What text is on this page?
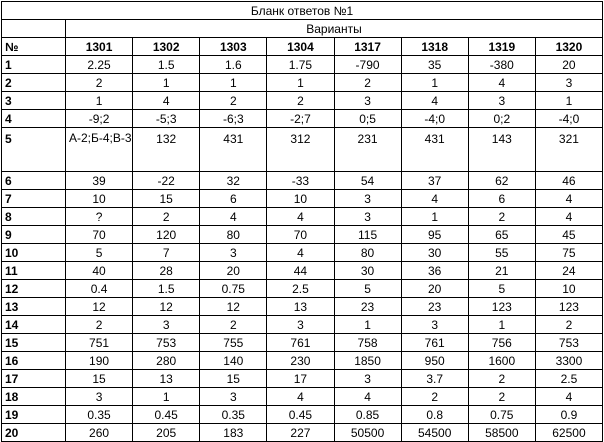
Бланк ответов №1								
	Варианты							
№	1301	1302	1303	1304	1317	1318	1319	1320
1	2.25	1.5	1.6	1.75	-790	35	-380	20
2	2	1	1	1	2	1	4	3
3	1	4	2	2	3	4	3	1
4	-9;2	-5;3	-6;3	-2;7	0;5	-4;0	0;2	-4;0
5	А-2;Б-4;В-3	132	431	312	231	431	143	321
6	39	-22	32	-33	54	37	62	46
7	10	15	6	10	3	4	6	4
8	?	2	4	4	3	1	2	4
9	70	120	80	70	115	95	65	45
10	5	7	3	4	80	30	55	75
11	40	28	20	44	30	36	21	24
12	0.4	1.5	0.75	2.5	5	20	5	10
13	12	12	12	13	23	23	123	123
14	2	3	2	3	1	3	1	2
15	751	753	755	761	758	761	756	753
16	190	280	140	230	1850	950	1600	3300
17	15	13	15	17	3	3.7	2	2.5
18	3	1	3	4	4	2	2	4
19	0.35	0.45	0.35	0.45	0.85	0.8	0.75	0.9
20	260	205	183	227	50500	54500	58500	62500
